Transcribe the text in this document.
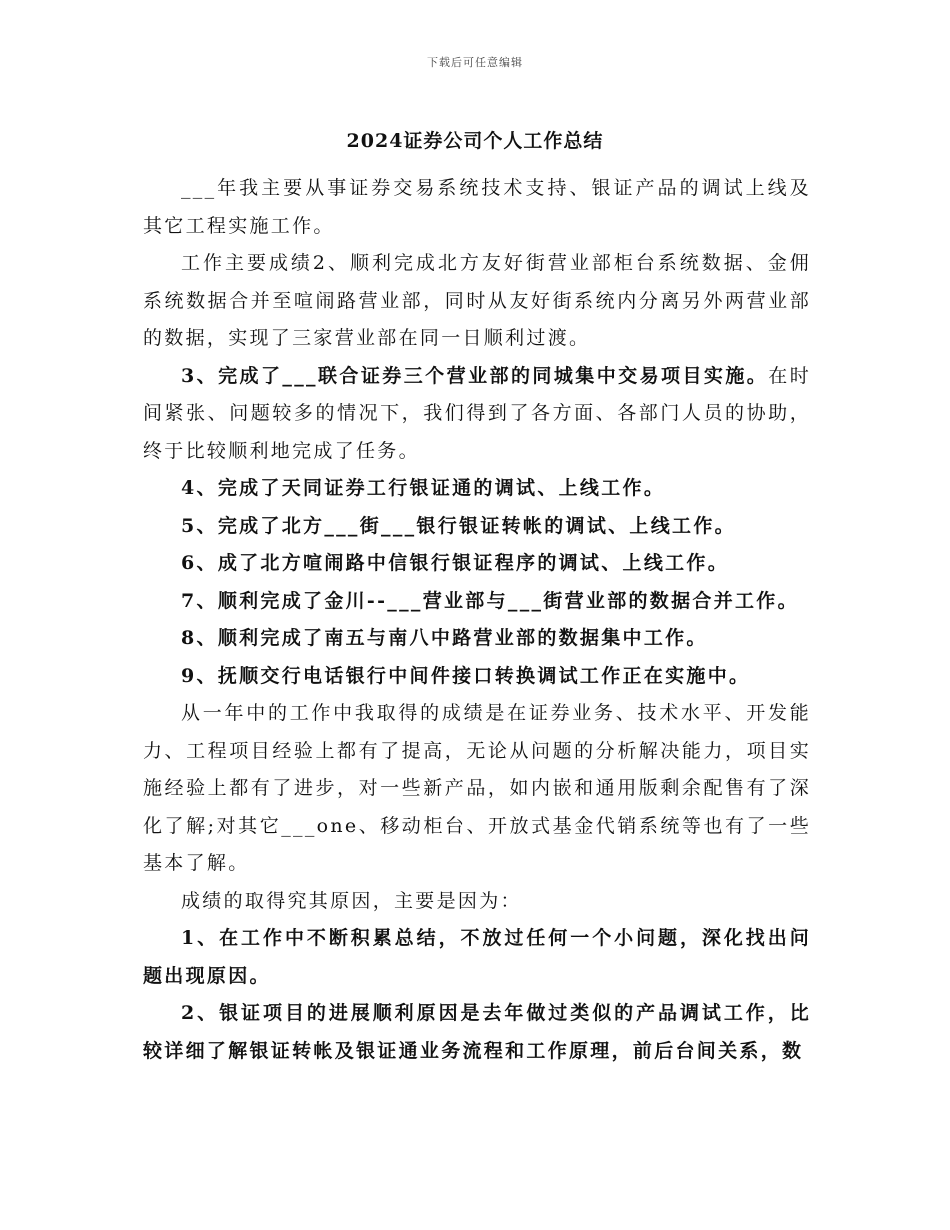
下载后可任意编辑
2024证券公司个人工作总结

___年我主要从事证券交易系统技术支持、银证产品的调试上线及其它工程实施工作。

工作主要成绩2、顺利完成北方友好街营业部柜台系统数据、金佣系统数据合并至喧闹路营业部，同时从友好街系统内分离另外两营业部的数据，实现了三家营业部在同一日顺利过渡。

3、完成了___联合证券三个营业部的同城集中交易项目实施。在时间紧张、问题较多的情况下，我们得到了各方面、各部门人员的协助，终于比较顺利地完成了任务。

4、完成了天同证券工行银证通的调试、上线工作。

5、完成了北方___街___银行银证转帐的调试、上线工作。

6、成了北方喧闹路中信银行银证程序的调试、上线工作。

7、顺利完成了金川--___营业部与___街营业部的数据合并工作。

8、顺利完成了南五与南八中路营业部的数据集中工作。

9、抚顺交行电话银行中间件接口转换调试工作正在实施中。

从一年中的工作中我取得的成绩是在证券业务、技术水平、开发能力、工程项目经验上都有了提高，无论从问题的分析解决能力，项目实施经验上都有了进步，对一些新产品，如内嵌和通用版剩余配售有了深化了解;对其它___one、移动柜台、开放式基金代销系统等也有了一些基本了解。

成绩的取得究其原因，主要是因为：

1、在工作中不断积累总结，不放过任何一个小问题，深化找出问题出现原因。

2、银证项目的进展顺利原因是去年做过类似的产品调试工作，比较详细了解银证转帐及银证通业务流程和工作原理，前后台间关系，数
